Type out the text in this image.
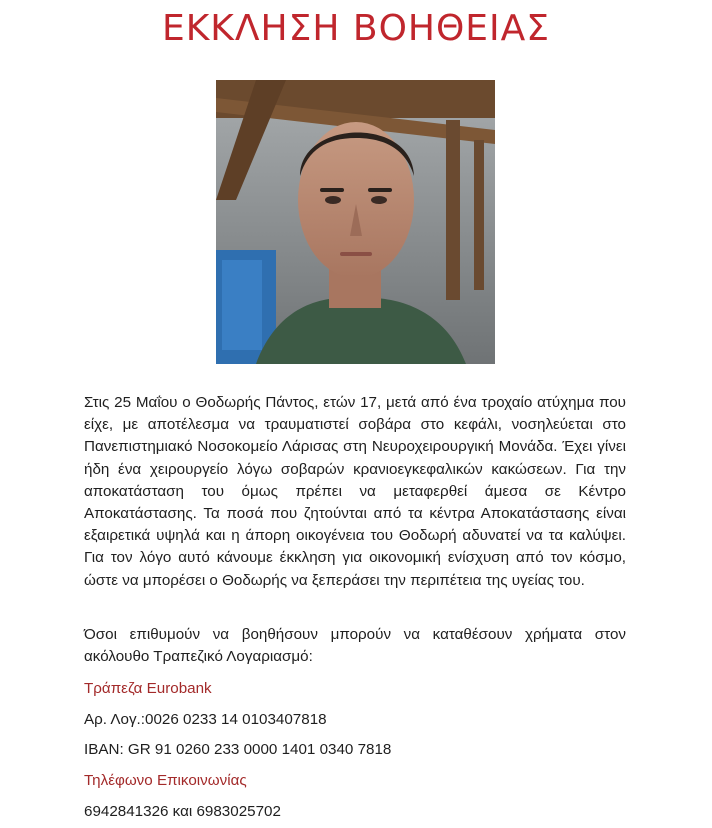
ΕΚΚΛΗΣΗ ΒΟΗΘΕΙΑΣ

Στις 25 Μαΐου ο Θοδωρής Πάντος, ετών 17, μετά από ένα τροχαίο ατύχημα που είχε, με αποτέλεσμα να τραυματιστεί σοβάρα στο κεφάλι, νοσηλεύεται στο Πανεπιστημιακό Νοσοκομείο Λάρισας στη Νευροχειρουργική Μονάδα. Έχει γίνει ήδη ένα χειρουργείο λόγω σοβαρών κρανιοεγκεφαλικών κακώσεων. Για την αποκατάσταση του όμως πρέπει να μεταφερθεί άμεσα σε Κέντρο Αποκατάστασης. Τα ποσά που ζητούνται από τα κέντρα Αποκατάστασης είναι εξαιρετικά υψηλά και η άπορη οικογένεια του Θοδωρή αδυνατεί να τα καλύψει. Για τον λόγο αυτό κάνουμε έκκληση για οικονομική ενίσχυση από τον κόσμο, ώστε να μπορέσει ο Θοδωρής να ξεπεράσει την περιπέτεια της υγείας του.

Όσοι επιθυμούν να βοηθήσουν μπορούν να καταθέσουν χρήματα στον ακόλουθο Τραπεζικό Λογαριασμό:

Τράπεζα Eurobank
Αρ. Λογ.:0026 0233 14 0103407818
IBAN: GR 91 0260 233 0000 1401 0340 7818
Τηλέφωνο Επικοινωνίας
6942841326 και 6983025702
